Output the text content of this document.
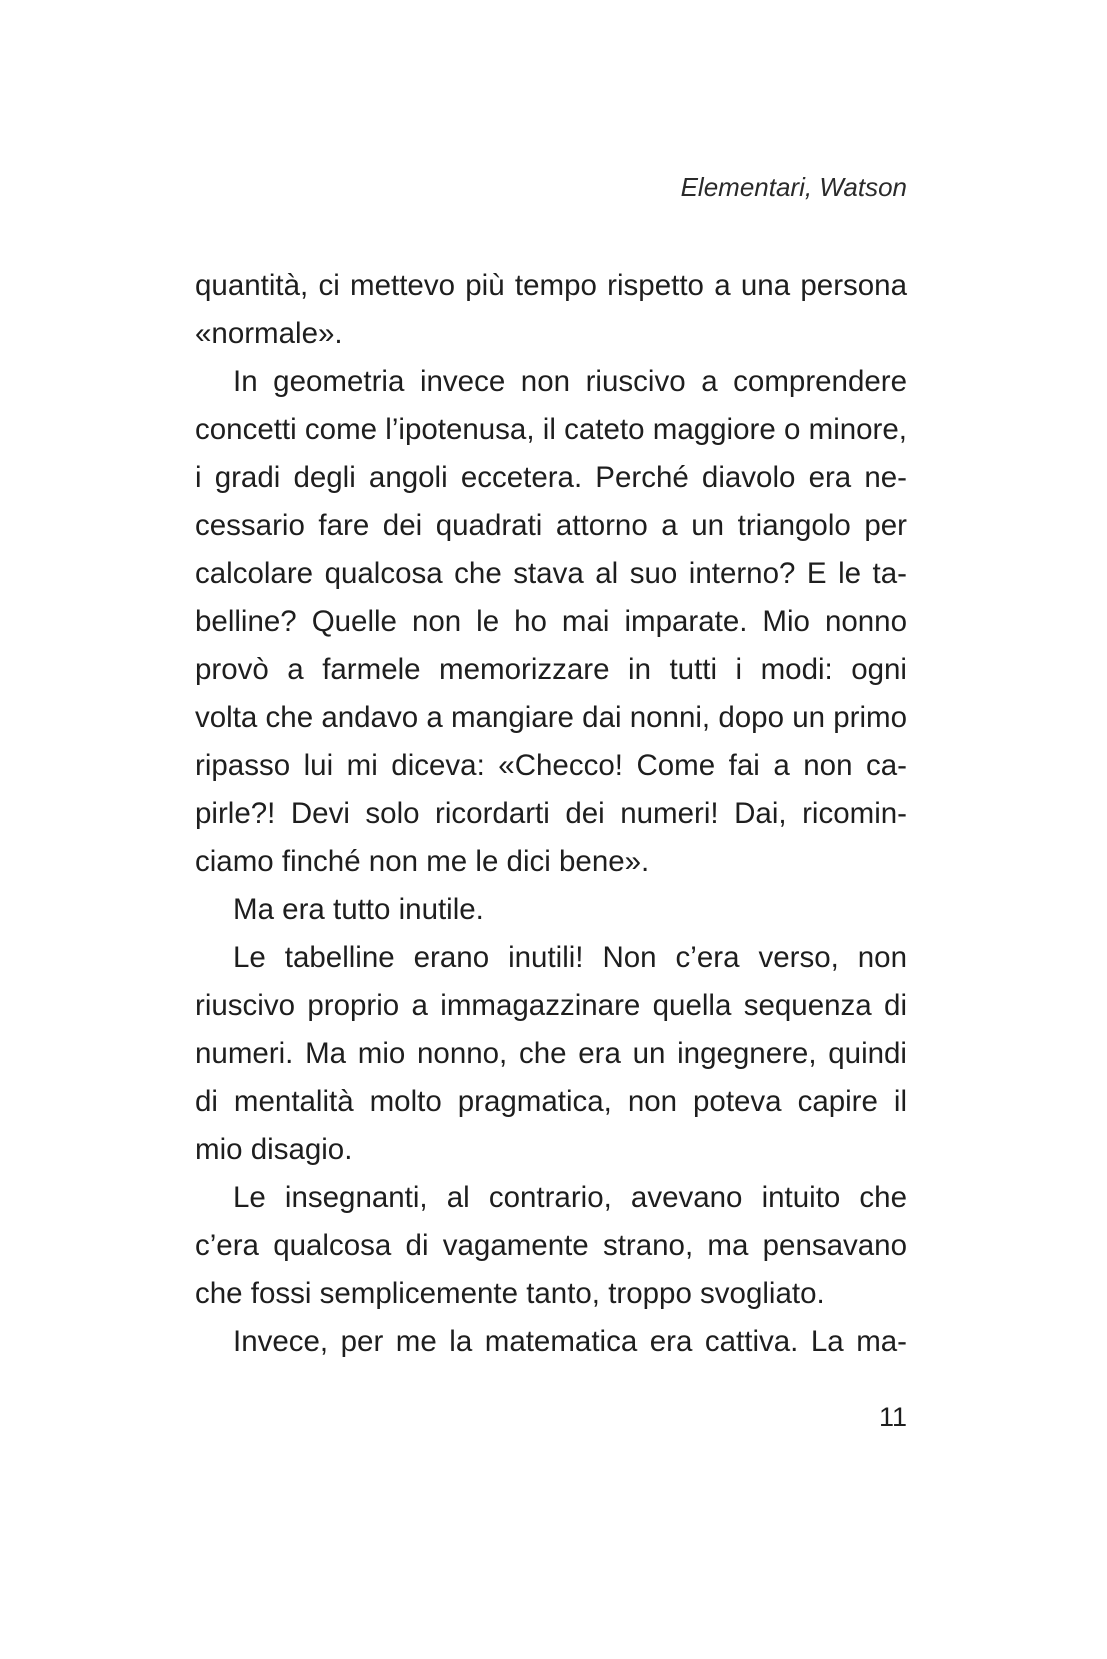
Elementari, Watson
quantità, ci mettevo più tempo rispetto a una persona
«normale».
In geometria invece non riuscivo a comprendere
concetti come l’ipotenusa, il cateto maggiore o minore,
i gradi degli angoli eccetera. Perché diavolo era ne-
cessario fare dei quadrati attorno a un triangolo per
calcolare qualcosa che stava al suo interno? E le ta-
belline? Quelle non le ho mai imparate. Mio nonno
provò a farmele memorizzare in tutti i modi: ogni
volta che andavo a mangiare dai nonni, dopo un primo
ripasso lui mi diceva: «Checco! Come fai a non ca-
pirle?! Devi solo ricordarti dei numeri! Dai, ricomin-
ciamo finché non me le dici bene».
Ma era tutto inutile.
Le tabelline erano inutili! Non c’era verso, non
riuscivo proprio a immagazzinare quella sequenza di
numeri. Ma mio nonno, che era un ingegnere, quindi
di mentalità molto pragmatica, non poteva capire il
mio disagio.
Le insegnanti, al contrario, avevano intuito che
c’era qualcosa di vagamente strano, ma pensavano
che fossi semplicemente tanto, troppo svogliato.
Invece, per me la matematica era cattiva. La ma-
11
